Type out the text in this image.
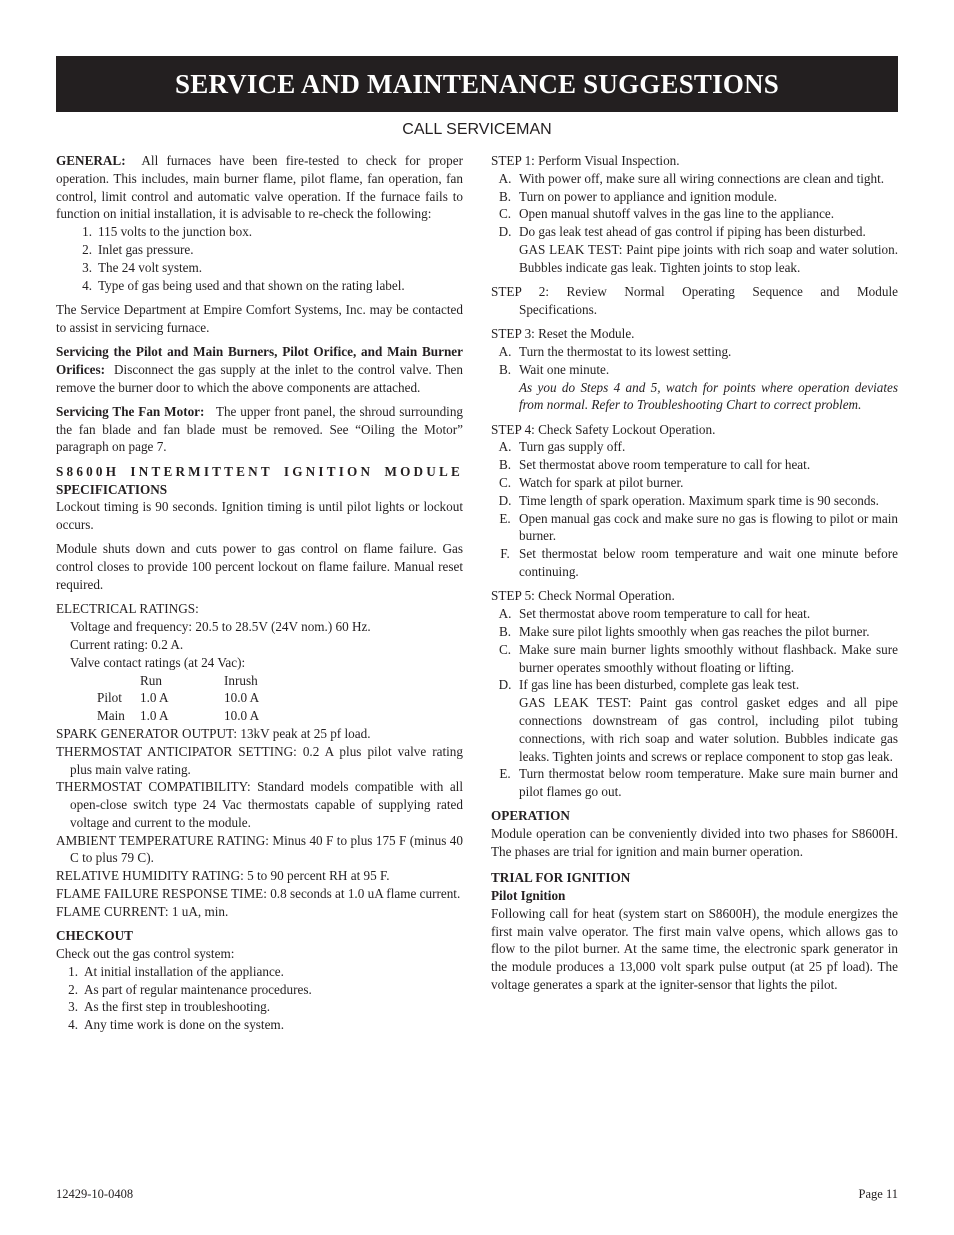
SERVICE AND MAINTENANCE SUGGESTIONS
CALL SERVICEMAN

GENERAL: All furnaces have been fire-tested to check for proper operation. This includes, main burner flame, pilot flame, fan operation, fan control, limit control and automatic valve operation. If the furnace fails to function on initial installation, it is advisable to re-check the following:

1. 115 volts to the junction box.
2. Inlet gas pressure.
3. The 24 volt system.
4. Type of gas being used and that shown on the rating label.

The Service Department at Empire Comfort Systems, Inc. may be contacted to assist in servicing furnace.

Servicing the Pilot and Main Burners, Pilot Orifice, and Main Burner Orifices: Disconnect the gas supply at the inlet to the control valve. Then remove the burner door to which the above components are attached.

Servicing The Fan Motor: The upper front panel, the shroud surrounding the fan blade and fan blade must be removed. See “Oiling the Motor” paragraph on page 7.

S8600H INTERMITTENT IGNITION MODULE
SPECIFICATIONS

Lockout timing is 90 seconds. Ignition timing is until pilot lights or lockout occurs.

Module shuts down and cuts power to gas control on flame failure. Gas control closes to provide 100 percent lockout on flame failure. Manual reset required.

ELECTRICAL RATINGS:
Voltage and frequency: 20.5 to 28.5V (24V nom.) 60 Hz.
Current rating: 0.2 A.
Valve contact ratings (at 24 Vac):
	Run	Inrush
Pilot	1.0 A	10.0 A
Main	1.0 A	10.0 A
SPARK GENERATOR OUTPUT: 13kV peak at 25 pf load.
THERMOSTAT ANTICIPATOR SETTING: 0.2 A plus pilot valve rating plus main valve rating.
THERMOSTAT COMPATIBILITY: Standard models compatible with all open-close switch type 24 Vac thermostats capable of supplying rated voltage and current to the module.
AMBIENT TEMPERATURE RATING: Minus 40 F to plus 175 F (minus 40 C to plus 79 C).
RELATIVE HUMIDITY RATING: 5 to 90 percent RH at 95 F.
FLAME FAILURE RESPONSE TIME: 0.8 seconds at 1.0 uA flame current.
FLAME CURRENT: 1 uA, min.
CHECKOUT
Check out the gas control system:
1. At initial installation of the appliance.
2. As part of regular maintenance procedures.
3. As the first step in troubleshooting.
4. Any time work is done on the system.
STEP 1: Perform Visual Inspection.
A. With power off, make sure all wiring connections are clean and tight.
B. Turn on power to appliance and ignition module.
C. Open manual shutoff valves in the gas line to the appliance.
D. Do gas leak test ahead of gas control if piping has been disturbed.
GAS LEAK TEST: Paint pipe joints with rich soap and water solution. Bubbles indicate gas leak. Tighten joints to stop leak.

STEP 2: Review Normal Operating Sequence and Module Specifications.

STEP 3: Reset the Module.
A. Turn the thermostat to its lowest setting.
B. Wait one minute.
As you do Steps 4 and 5, watch for points where operation deviates from normal. Refer to Troubleshooting Chart to correct problem.
STEP 4: Check Safety Lockout Operation.
A. Turn gas supply off.
B. Set thermostat above room temperature to call for heat.
C. Watch for spark at pilot burner.
D. Time length of spark operation. Maximum spark time is 90 seconds.
E. Open manual gas cock and make sure no gas is flowing to pilot or main burner.
F. Set thermostat below room temperature and wait one minute before continuing.
STEP 5: Check Normal Operation.
A. Set thermostat above room temperature to call for heat.
B. Make sure pilot lights smoothly when gas reaches the pilot burner.
C. Make sure main burner lights smoothly without flashback. Make sure burner operates smoothly without floating or lifting.
D. If gas line has been disturbed, complete gas leak test.
GAS LEAK TEST: Paint gas control gasket edges and all pipe connections downstream of gas control, including pilot tubing connections, with rich soap and water solution. Bubbles indicate gas leaks. Tighten joints and screws or replace component to stop gas leak.
E. Turn thermostat below room temperature. Make sure main burner and pilot flames go out.
OPERATION

Module operation can be conveniently divided into two phases for S8600H. The phases are trial for ignition and main burner operation.

TRIAL FOR IGNITION
Pilot Ignition

Following call for heat (system start on S8600H), the module energizes the first main valve operator. The first main valve opens, which allows gas to flow to the pilot burner. At the same time, the electronic spark generator in the module produces a 13,000 volt spark pulse output (at 25 pf load). The voltage generates a spark at the igniter-sensor that lights the pilot.

12429-10-0408	Page 11
